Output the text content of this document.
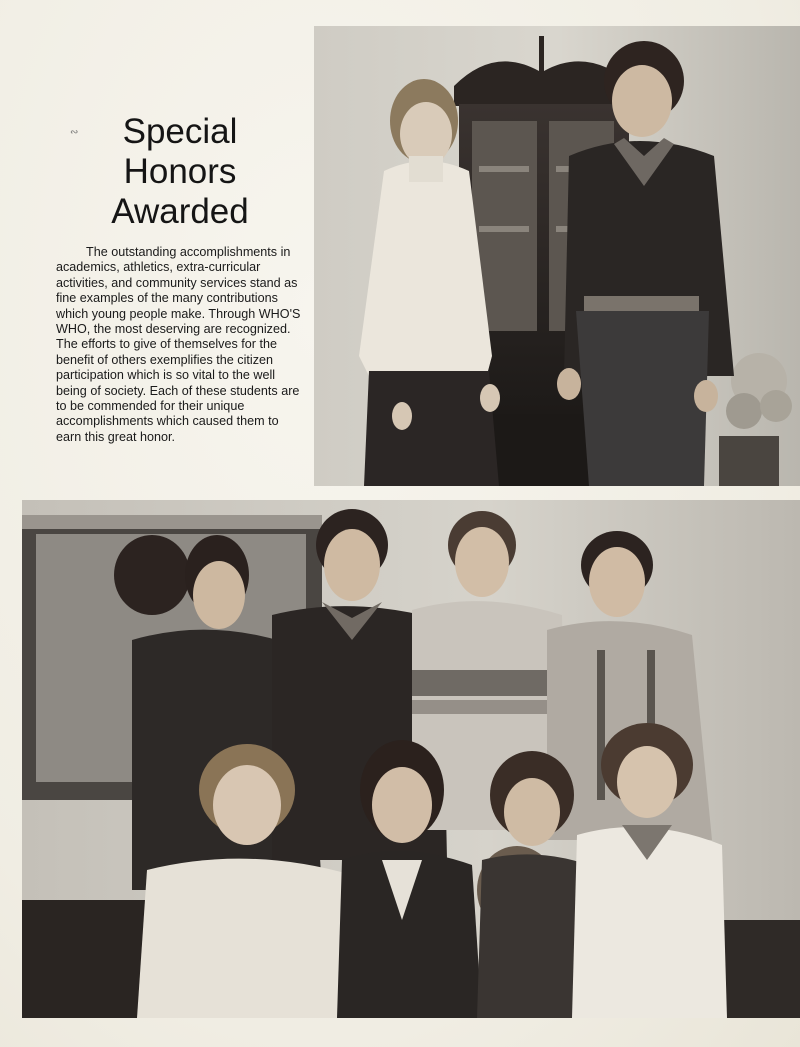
∾	Special
Honors
Awarded

The outstanding accomplishments in academics, athletics, extra-curricular activities, and community services stand as fine examples of the many contributions which young people make. Through WHO'S WHO, the most deserving are recognized. The efforts to give of themselves for the benefit of others exemplifies the citizen participation which is so vital to the well being of society. Each of these students are to be commended for their unique accomplishments which caused them to earn this great honor.
